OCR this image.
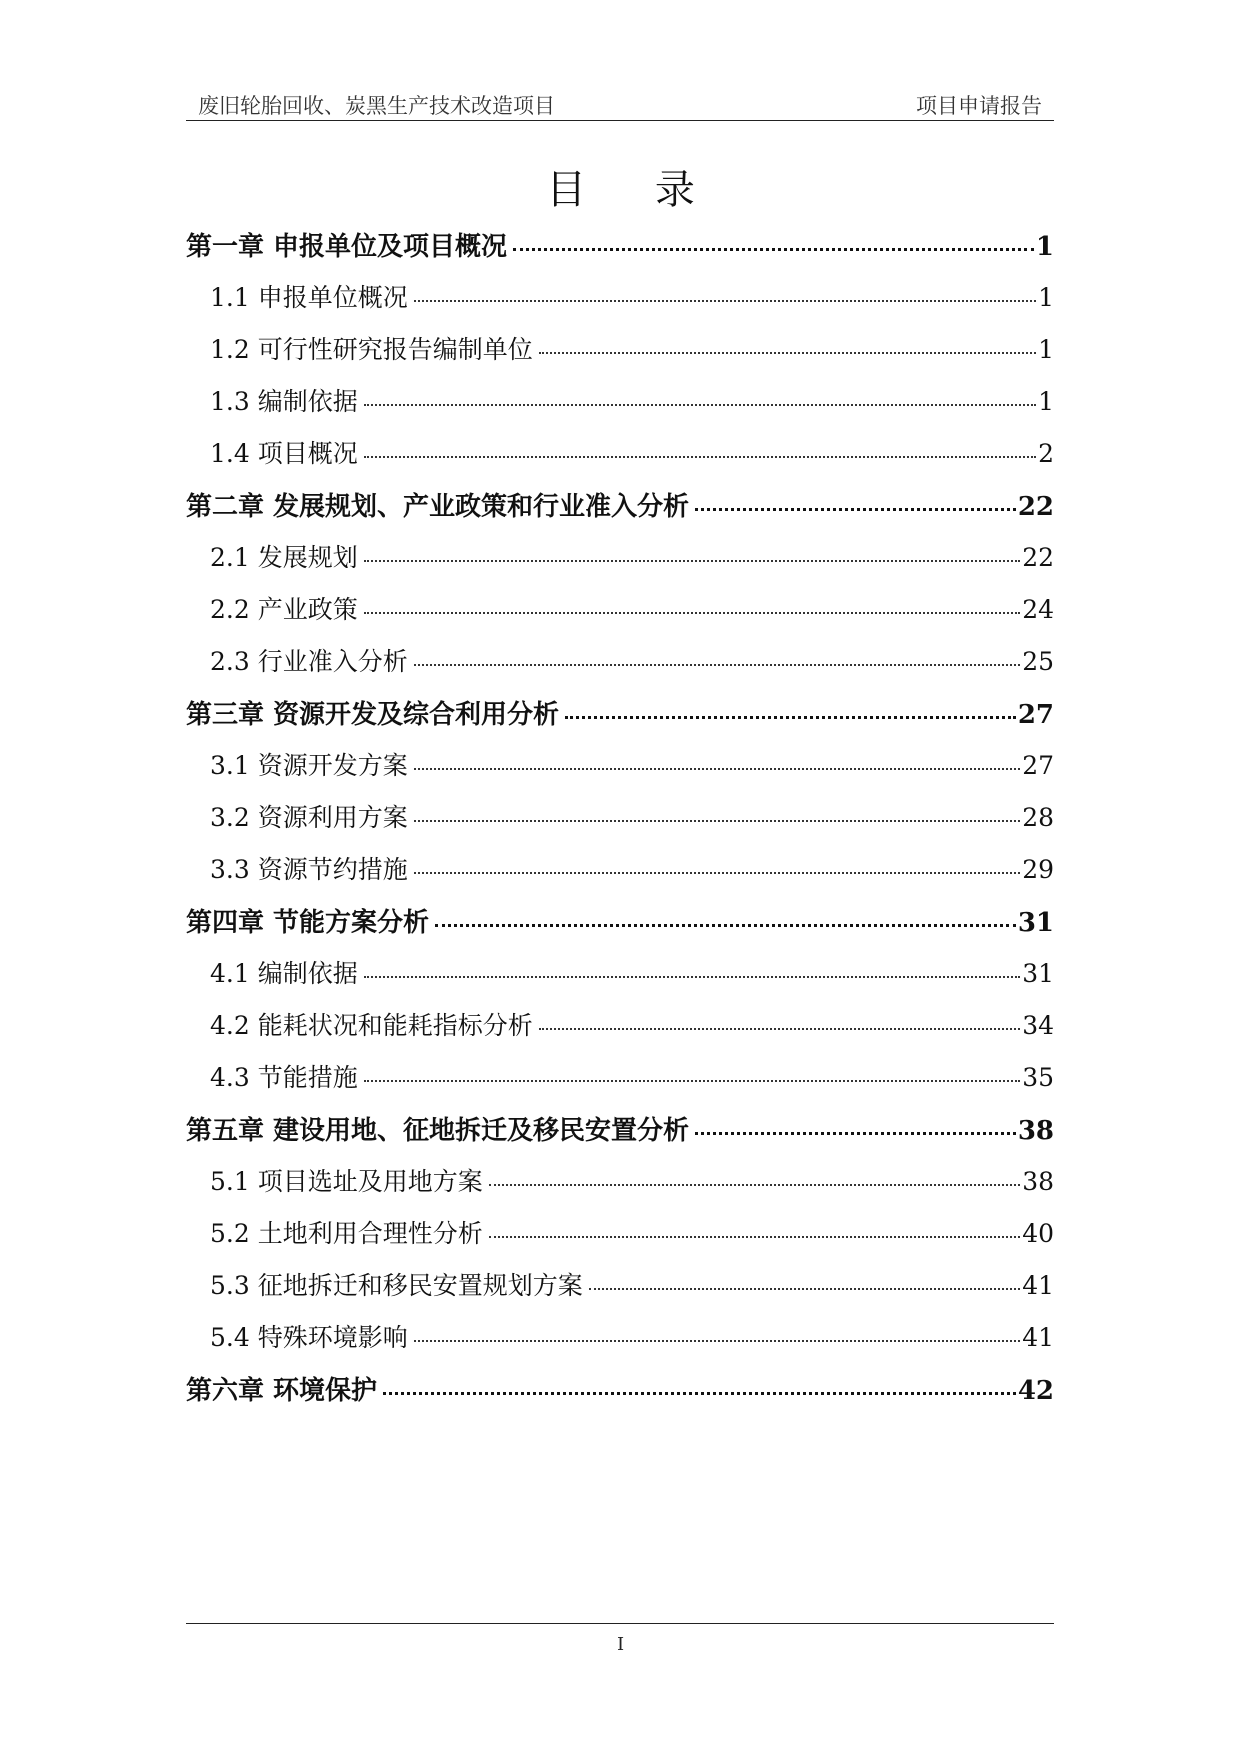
废旧轮胎回收、炭黑生产技术改造项目	项目申请报告
目 录
第一章 申报单位及项目概况	1
1.1 申报单位概况	1
1.2 可行性研究报告编制单位	1
1.3 编制依据	1
1.4 项目概况	2
第二章 发展规划、产业政策和行业准入分析	22
2.1 发展规划	22
2.2 产业政策	24
2.3 行业准入分析	25
第三章 资源开发及综合利用分析	27
3.1 资源开发方案	27
3.2 资源利用方案	28
3.3 资源节约措施	29
第四章 节能方案分析	31
4.1 编制依据	31
4.2 能耗状况和能耗指标分析	34
4.3 节能措施	35
第五章 建设用地、征地拆迁及移民安置分析	38
5.1 项目选址及用地方案	38
5.2 土地利用合理性分析	40
5.3 征地拆迁和移民安置规划方案	41
5.4 特殊环境影响	41
第六章 环境保护	42
I
